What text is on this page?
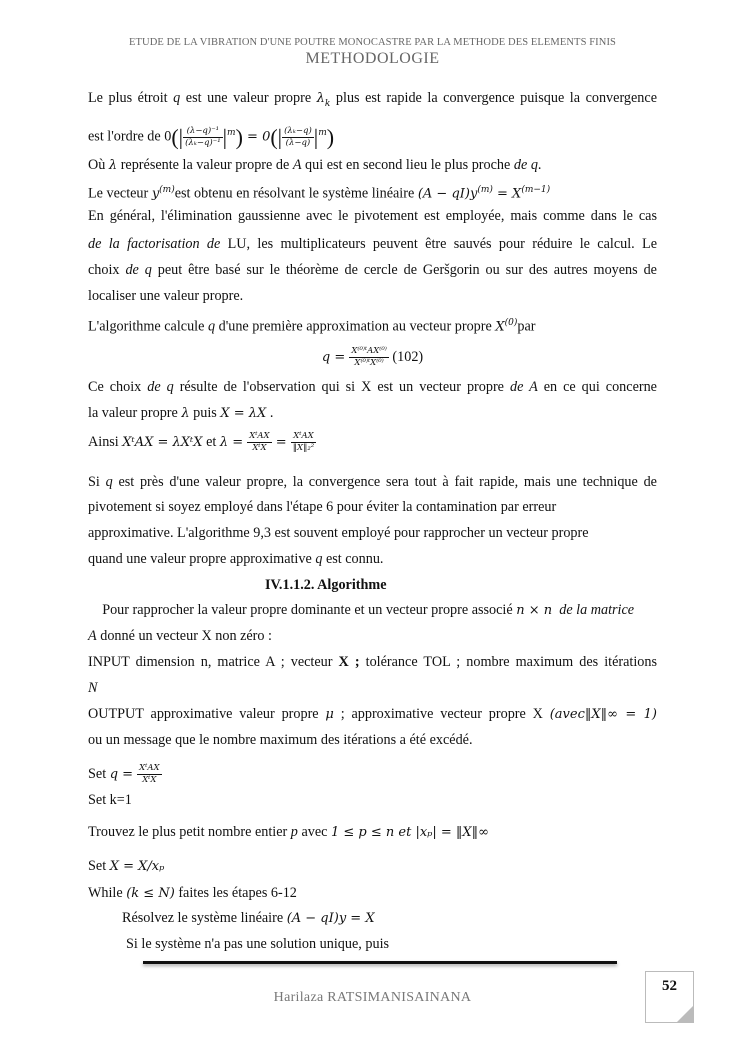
ETUDE DE LA VIBRATION D'UNE POUTRE MONOCASTRE PAR LA METHODE DES ELEMENTS FINIS
METHODOLOGIE
Le plus étroit q est une valeur propre $\lambda_k$ plus est rapide la convergence puisque la convergence
est l'ordre de $0(| \frac{\text{(λ−q)⁻¹}}{\text{(λₖ−q)⁻¹}} |^m) = 0(| \frac{\text{(λₖ−q)}}{(\lambda-q)} |^m)$
Où λ représente la valeur propre de A qui est en second lieu le plus proche de q.
Le vecteur $y^{(m)}est$ obtenu en résolvant le système linéaire $(A - qI)y^{(m)} = X^{(m-1)}$
En général, l'élimination gaussienne avec le pivotement est employée, mais comme dans le cas
de la factorisation de LU, les multiplicateurs peuvent être sauvés pour réduire le calcul. Le
choix de q peut être basé sur le théorème de cercle de Geršgorin ou sur des autres moyens de
localiser une valeur propre.
L'algorithme calcule q d'une première approximation au vecteur propre $X^{(0)}par$
$q = \frac{\text{X⁽⁰⁾ᵗAX⁽⁰⁾}}{\text{X⁽⁰⁾ᵗX⁽⁰⁾}} (102)$
Ce choix de q résulte de l'observation qui si X est un vecteur propre de A en ce qui concerne
la valeur propre λ puis X = λX .
Ainsi XᵗAX = λXᵗX et $\lambda = \frac{\text{XᵗAX}}{\text{XᵗX}} = \frac{\text{XᵗAX}}{\text{‖X‖₂²}}$
Si q est près d'une valeur propre, la convergence sera tout à fait rapide, mais une technique de
pivotement si soyez employé dans l'étape 6 pour éviter la contamination par erreur
approximative. L'algorithme 9,3 est souvent employé pour rapprocher un vecteur propre
quand une valeur propre approximative q est connu.
IV.1.1.2. Algorithme
Pour rapprocher la valeur propre dominante et un vecteur propre associé n × n  de la matrice
A donné un vecteur X non zéro :
INPUT dimension n, matrice A ; vecteur X ; tolérance TOL ; nombre maximum des itérations
N
OUTPUT approximative valeur propre μ ; approximative vecteur propre X (avec‖X‖∞ = 1)
ou un message que le nombre maximum des itérations a été excédé.
Set $q = \frac{\text{XᵗAX}}{\text{XᵗX}}$
Set k=1
Trouvez le plus petit nombre entier p avec 1 ≤ p ≤ n et |xₚ| = ‖X‖∞
Set X = X/xₚ
While (k ≤ N) faites les étapes 6-12
Résolvez le système linéaire (A − qI)y = X
Si le système n'a pas une solution unique, puis
Harilaza RATSIMANISAINANA
52
